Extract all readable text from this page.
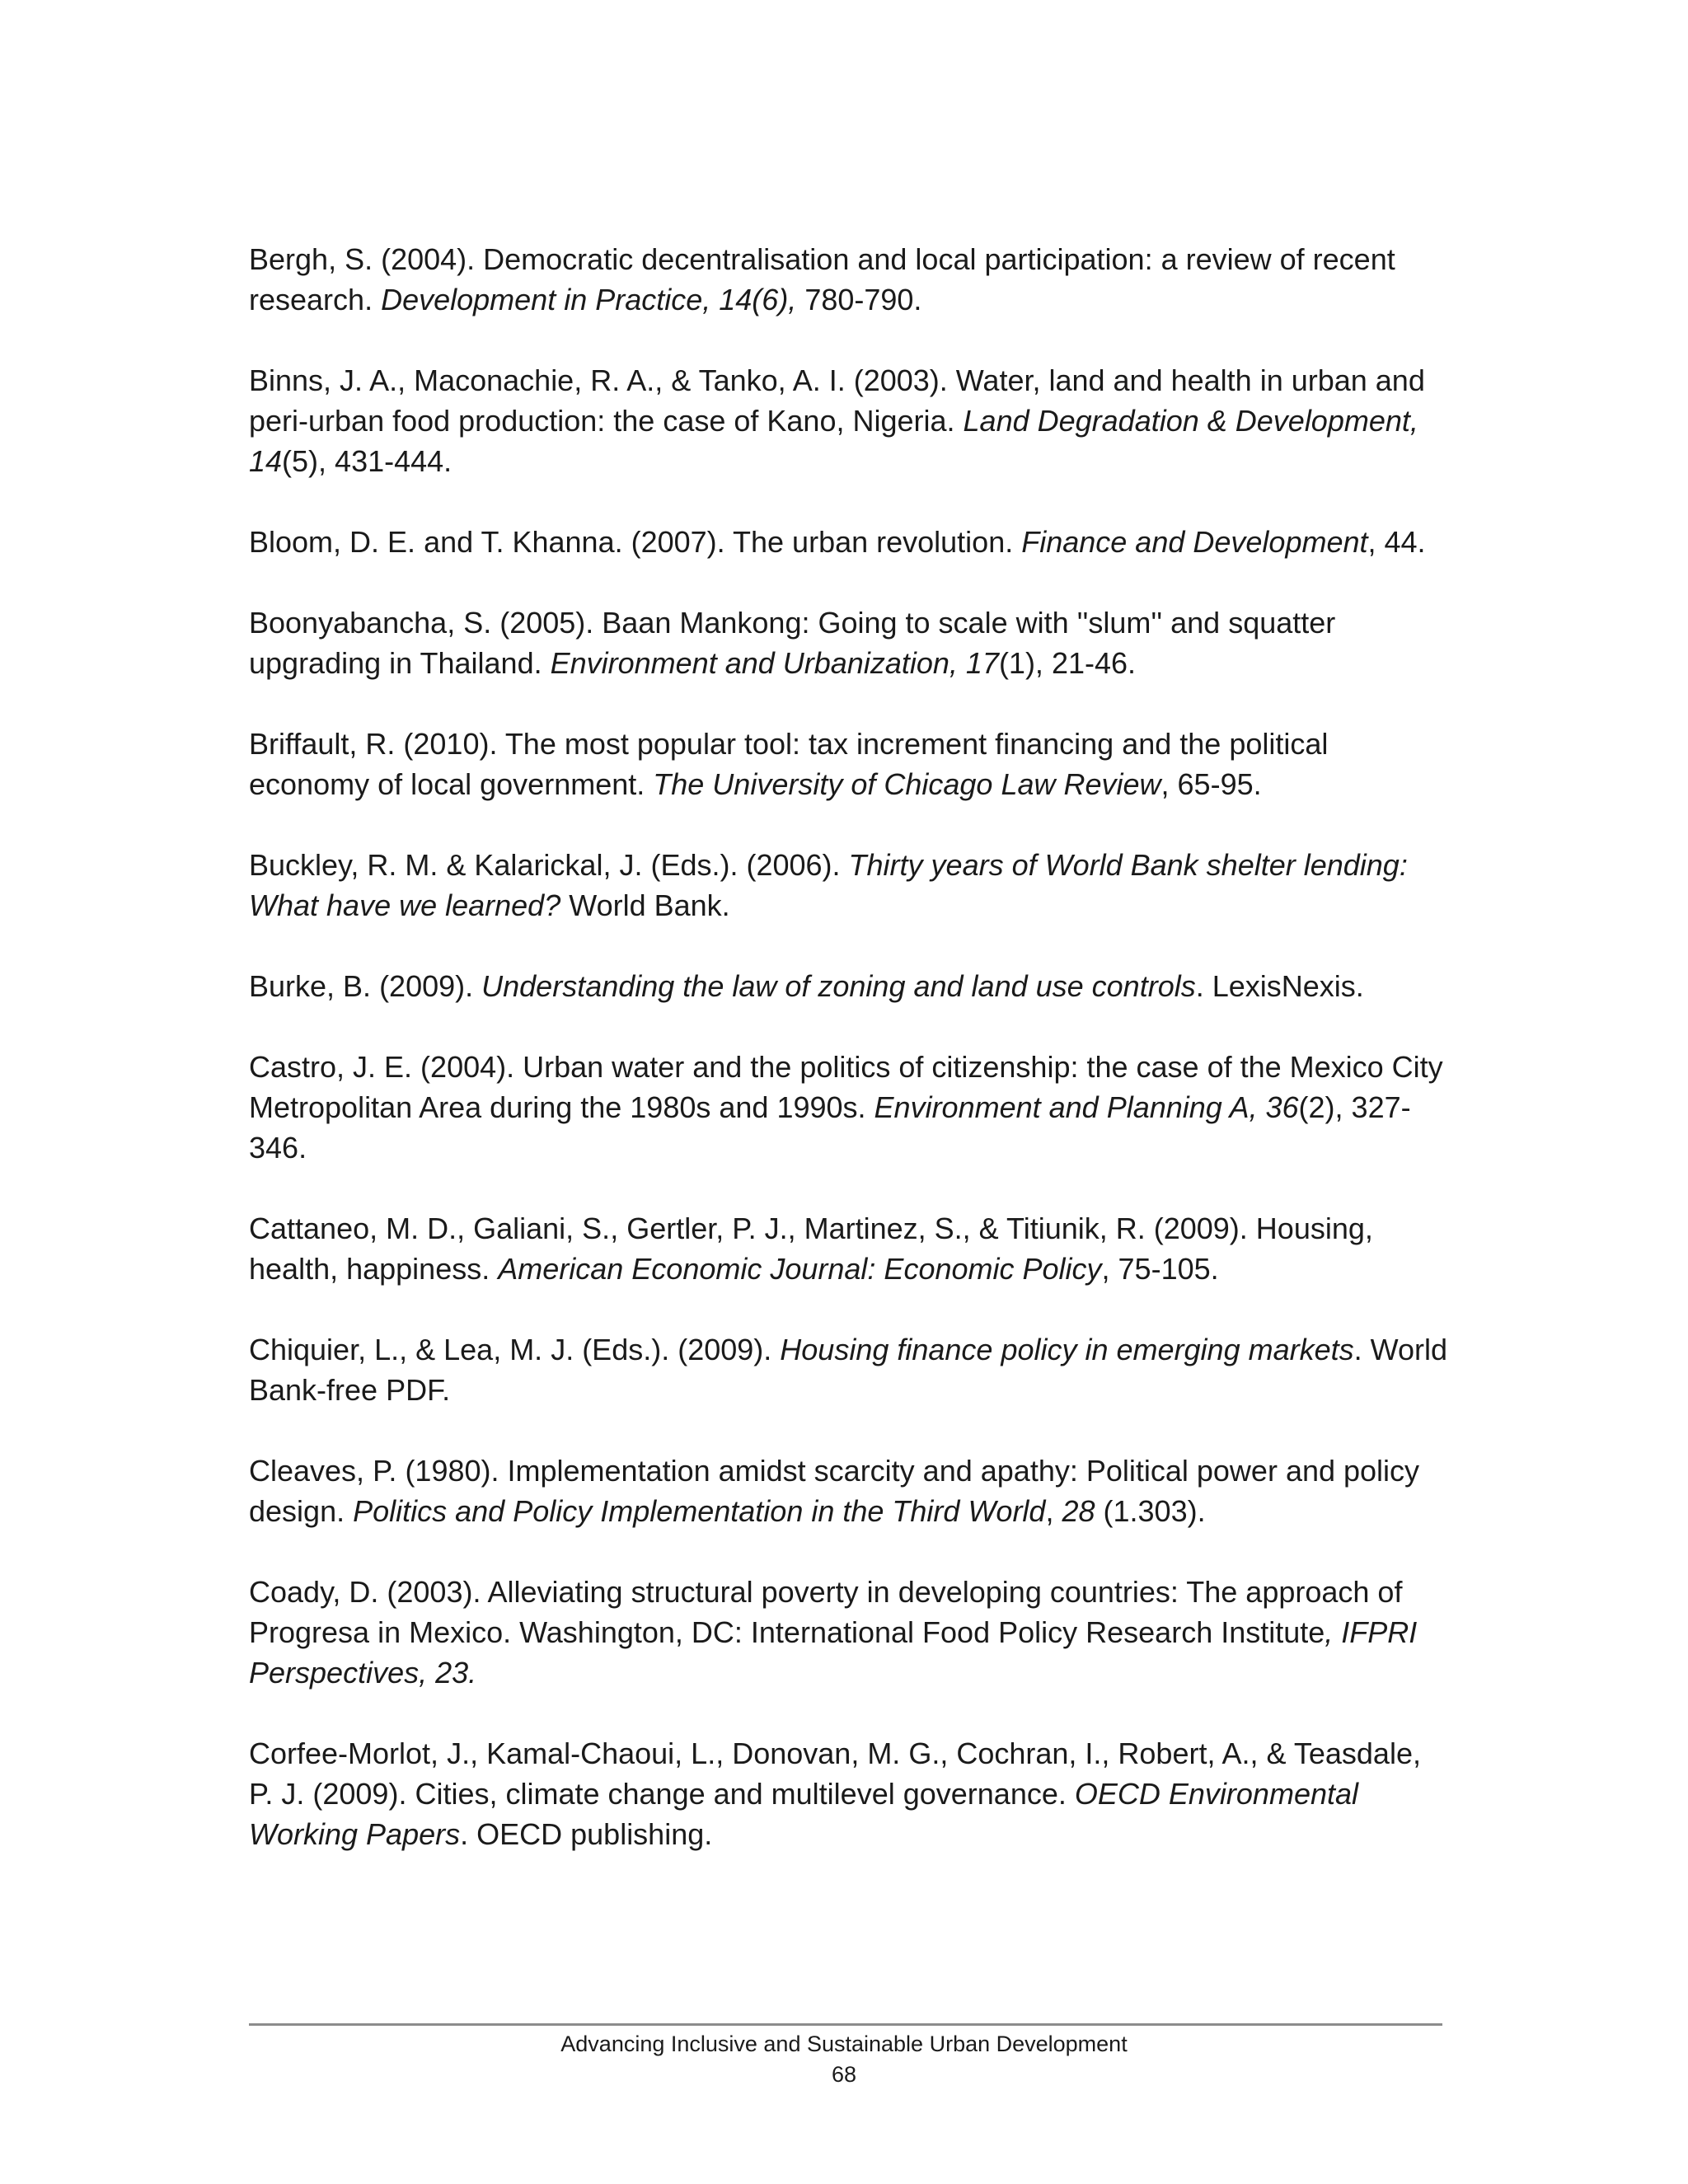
Bergh, S. (2004). Democratic decentralisation and local participation: a review of recent research. Development in Practice, 14(6), 780-790.

Binns, J. A., Maconachie, R. A., & Tanko, A. I. (2003). Water, land and health in urban and peri-urban food production: the case of Kano, Nigeria. Land Degradation & Development, 14(5), 431-444.

Bloom, D. E. and T. Khanna. (2007). The urban revolution. Finance and Development, 44.

Boonyabancha, S. (2005). Baan Mankong: Going to scale with ''slum'' and squatter upgrading in Thailand. Environment and Urbanization, 17(1), 21-46.

Briffault, R. (2010). The most popular tool: tax increment financing and the political economy of local government. The University of Chicago Law Review, 65-95.

Buckley, R. M. & Kalarickal, J. (Eds.). (2006). Thirty years of World Bank shelter lending: What have we learned? World Bank.

Burke, B. (2009). Understanding the law of zoning and land use controls. LexisNexis.

Castro, J. E. (2004). Urban water and the politics of citizenship: the case of the Mexico City Metropolitan Area during the 1980s and 1990s. Environment and Planning A, 36(2), 327-346.

Cattaneo, M. D., Galiani, S., Gertler, P. J., Martinez, S., & Titiunik, R. (2009). Housing, health, happiness. American Economic Journal: Economic Policy, 75-105.

Chiquier, L., & Lea, M. J. (Eds.). (2009). Housing finance policy in emerging markets. World Bank-free PDF.

Cleaves, P. (1980). Implementation amidst scarcity and apathy: Political power and policy design. Politics and Policy Implementation in the Third World, 28 (1.303).

Coady, D. (2003). Alleviating structural poverty in developing countries: The approach of Progresa in Mexico. Washington, DC: International Food Policy Research Institute, IFPRI Perspectives, 23.

Corfee-Morlot, J., Kamal-Chaoui, L., Donovan, M. G., Cochran, I., Robert, A., & Teasdale, P. J. (2009). Cities, climate change and multilevel governance. OECD Environmental Working Papers. OECD publishing.

Advancing Inclusive and Sustainable Urban Development
68
